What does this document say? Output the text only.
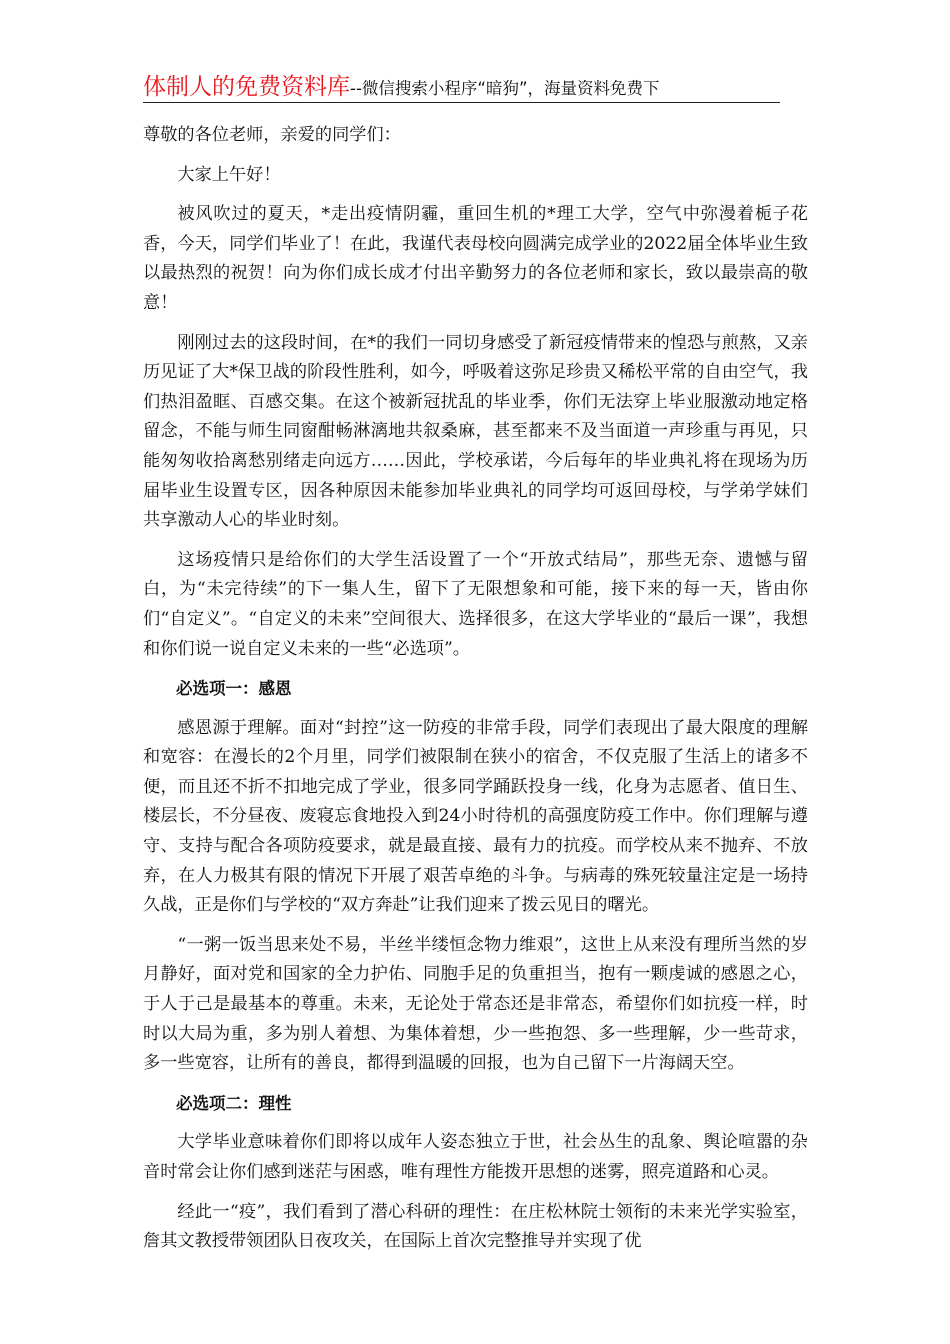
体制人的免费资料库--微信搜索小程序“暗狗”，海量资料免费下

尊敬的各位老师，亲爱的同学们：

大家上午好！

被风吹过的夏天，*走出疫情阴霾，重回生机的*理工大学，空气中弥漫着栀子花香，今天，同学们毕业了！在此，我谨代表母校向圆满完成学业的2022届全体毕业生致以最热烈的祝贺！向为你们成长成才付出辛勤努力的各位老师和家长，致以最崇高的敬意！

刚刚过去的这段时间，在*的我们一同切身感受了新冠疫情带来的惶恐与煎熬，又亲历见证了大*保卫战的阶段性胜利，如今，呼吸着这弥足珍贵又稀松平常的自由空气，我们热泪盈眶、百感交集。在这个被新冠扰乱的毕业季，你们无法穿上毕业服激动地定格留念，不能与师生同窗酣畅淋漓地共叙桑麻，甚至都来不及当面道一声珍重与再见，只能匆匆收拾离愁别绪走向远方……因此，学校承诺，今后每年的毕业典礼将在现场为历届毕业生设置专区，因各种原因未能参加毕业典礼的同学均可返回母校，与学弟学妹们共享激动人心的毕业时刻。

这场疫情只是给你们的大学生活设置了一个“开放式结局”，那些无奈、遗憾与留白，为“未完待续”的下一集人生，留下了无限想象和可能，接下来的每一天，皆由你们“自定义”。“自定义的未来”空间很大、选择很多，在这大学毕业的“最后一课”，我想和你们说一说自定义未来的一些“必选项”。

必选项一：感恩

感恩源于理解。面对“封控”这一防疫的非常手段，同学们表现出了最大限度的理解和宽容：在漫长的2个月里，同学们被限制在狭小的宿舍，不仅克服了生活上的诸多不便，而且还不折不扣地完成了学业，很多同学踊跃投身一线，化身为志愿者、值日生、楼层长，不分昼夜、废寝忘食地投入到24小时待机的高强度防疫工作中。你们理解与遵守、支持与配合各项防疫要求，就是最直接、最有力的抗疫。而学校从来不抛弃、不放弃，在人力极其有限的情况下开展了艰苦卓绝的斗争。与病毒的殊死较量注定是一场持久战，正是你们与学校的“双方奔赴”让我们迎来了拨云见日的曙光。

“一粥一饭当思来处不易，半丝半缕恒念物力维艰”，这世上从来没有理所当然的岁月静好，面对党和国家的全力护佑、同胞手足的负重担当，抱有一颗虔诚的感恩之心，于人于己是最基本的尊重。未来，无论处于常态还是非常态，希望你们如抗疫一样，时时以大局为重，多为别人着想、为集体着想，少一些抱怨、多一些理解，少一些苛求，多一些宽容，让所有的善良，都得到温暖的回报，也为自己留下一片海阔天空。

必选项二：理性

大学毕业意味着你们即将以成年人姿态独立于世，社会丛生的乱象、舆论喧嚣的杂音时常会让你们感到迷茫与困惑，唯有理性方能拨开思想的迷雾，照亮道路和心灵。

经此一“疫”，我们看到了潜心科研的理性：在庄松林院士领衔的未来光学实验室，詹其文教授带领团队日夜攻关，在国际上首次完整推导并实现了优
